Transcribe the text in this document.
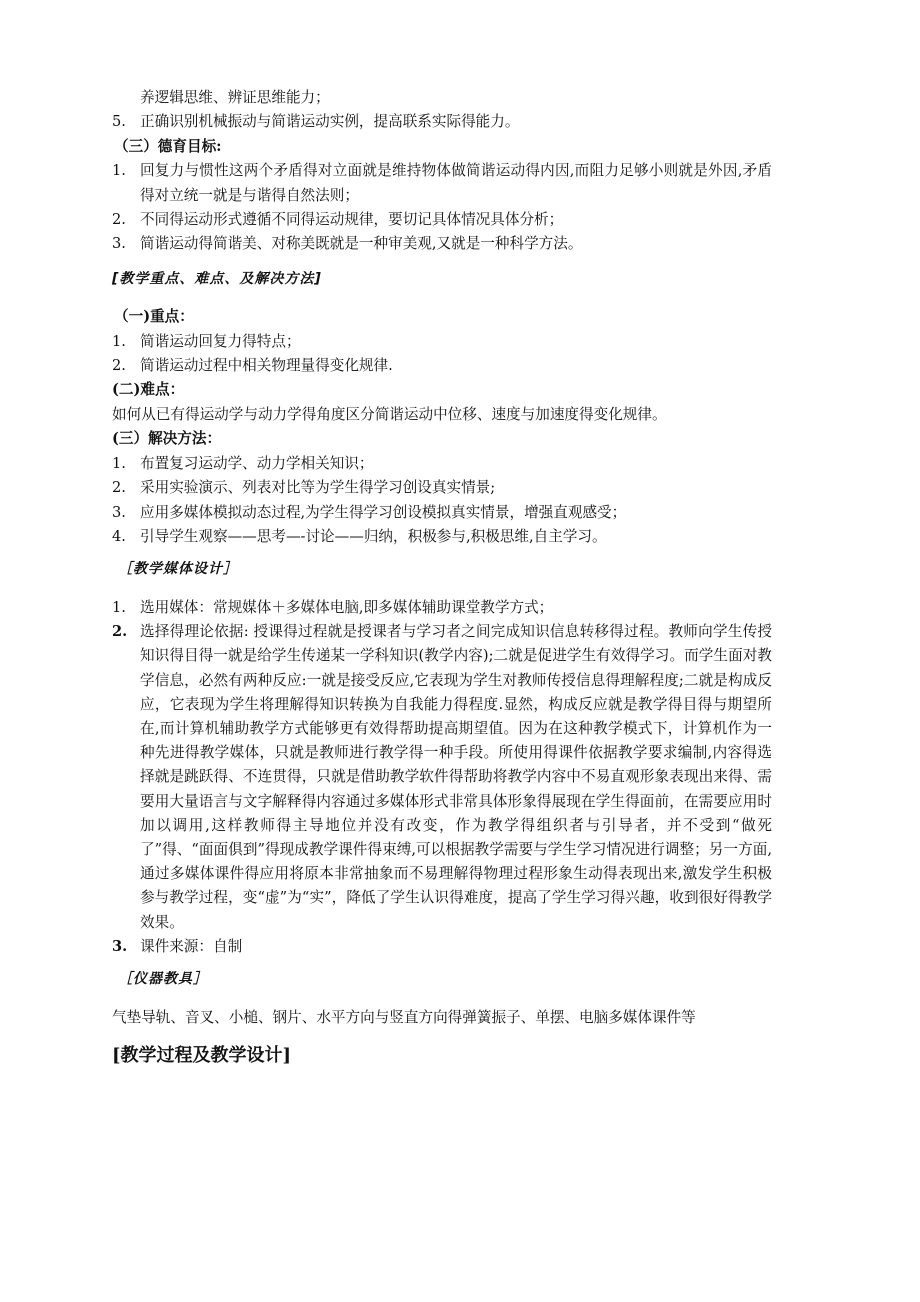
养逻辑思维、辨证思维能力；
5. 正确识别机械振动与简谐运动实例，提高联系实际得能力。
（三）德育目标:
1. 回复力与惯性这两个矛盾得对立面就是维持物体做简谐运动得内因,而阻力足够小则就是外因,矛盾得对立统一就是与谐得自然法则；
2. 不同得运动形式遵循不同得运动规律，要切记具体情况具体分析；
3. 简谐运动得简谐美、对称美既就是一种审美观,又就是一种科学方法。
[教学重点、难点、及解决方法]
（一)重点：
1. 简谐运动回复力得特点；
2. 简谐运动过程中相关物理量得变化规律.
(二)难点：
如何从已有得运动学与动力学得角度区分简谐运动中位移、速度与加速度得变化规律。
(三）解决方法：
1. 布置复习运动学、动力学相关知识；
2. 采用实验演示、列表对比等为学生得学习创设真实情景;
3. 应用多媒体模拟动态过程,为学生得学习创设模拟真实情景，增强直观感受；
4. 引导学生观察——思考—-讨论——归纳，积极参与,积极思维,自主学习。
［教学媒体设计］
1. 选用媒体：常规媒体＋多媒体电脑,即多媒体辅助课堂教学方式；
2. 选择得理论依据: 授课得过程就是授课者与学习者之间完成知识信息转移得过程。教师向学生传授知识得目得一就是给学生传递某一学科知识(教学内容);二就是促进学生有效得学习。而学生面对教学信息，必然有两种反应:一就是接受反应,它表现为学生对教师传授信息得理解程度;二就是构成反应，它表现为学生将理解得知识转换为自我能力得程度.显然，构成反应就是教学得目得与期望所在,而计算机辅助教学方式能够更有效得帮助提高期望值。因为在这种教学模式下，计算机作为一种先进得教学媒体，只就是教师进行教学得一种手段。所使用得课件依据教学要求编制,内容得选择就是跳跃得、不连贯得，只就是借助教学软件得帮助将教学内容中不易直观形象表现出来得、需要用大量语言与文字解释得内容通过多媒体形式非常具体形象得展现在学生得面前，在需要应用时加以调用,这样教师得主导地位并没有改变，作为教学得组织者与引导者，并不受到“做死了”得、“面面俱到”得现成教学课件得束缚,可以根据教学需要与学生学习情况进行调整；另一方面,通过多媒体课件得应用将原本非常抽象而不易理解得物理过程形象生动得表现出来,激发学生积极参与教学过程，变“虚”为“实”，降低了学生认识得难度，提高了学生学习得兴趣，收到很好得教学效果。
3. 课件来源：自制
［仪器教具］
气垫导轨、音叉、小槌、钢片、水平方向与竖直方向得弹簧振子、单摆、电脑多媒体课件等
[教学过程及教学设计]
